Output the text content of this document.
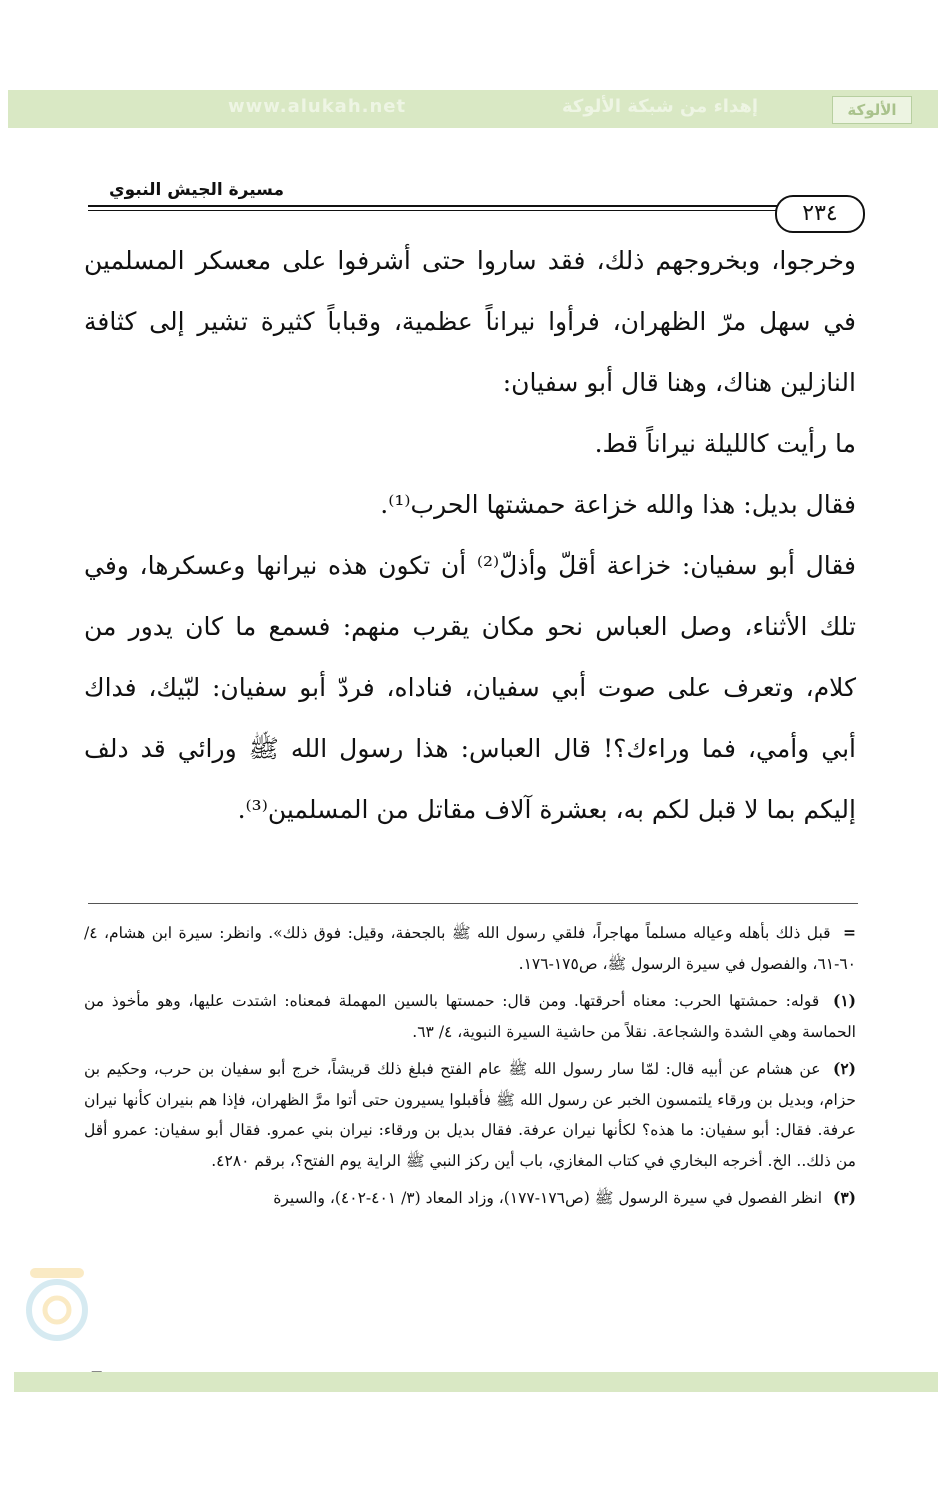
الألوكة
إهداء من شبكة الألوكة
www.alukah.net
مسيرة الجيش النبوي
٢٣٤

وخرجوا، وبخروجهم ذلك، فقد ساروا حتى أشرفوا على معسكر المسلمين في سهل مرّ الظهران، فرأوا نيراناً عظمية، وقباباً كثيرة تشير إلى كثافة النازلين هناك، وهنا قال أبو سفيان:

ما رأيت كالليلة نيراناً قط.

فقال بديل: هذا والله خزاعة حمشتها الحرب⁽¹⁾.

فقال أبو سفيان: خزاعة أقلّ وأذلّ⁽²⁾ أن تكون هذه نيرانها وعسكرها، وفي تلك الأثناء، وصل العباس نحو مكان يقرب منهم: فسمع ما كان يدور من كلام، وتعرف على صوت أبي سفيان، فناداه، فردّ أبو سفيان: لبّيك، فداك أبي وأمي، فما وراءك؟! قال العباس: هذا رسول الله ﷺ ورائي قد دلف إليكم بما لا قبل لكم به، بعشرة آلاف مقاتل من المسلمين⁽³⁾.

= قبل ذلك بأهله وعياله مسلماً مهاجراً، فلقي رسول الله ﷺ بالجحفة، وقيل: فوق ذلك». وانظر: سيرة ابن هشام، ٤/ ٦٠-٦١، والفصول في سيرة الرسول ﷺ، ص١٧٥-١٧٦.

(١) قوله: حمشتها الحرب: معناه أحرقتها. ومن قال: حمستها بالسين المهملة فمعناه: اشتدت عليها، وهو مأخوذ من الحماسة وهي الشدة والشجاعة. نقلاً من حاشية السيرة النبوية، ٤/ ٦٣.

(٢) عن هشام عن أبيه قال: لمّا سار رسول الله ﷺ عام الفتح فبلغ ذلك قريشاً، خرج أبو سفيان بن حرب، وحكيم بن حزام، وبديل بن ورقاء يلتمسون الخبر عن رسول الله ﷺ فأقبلوا يسيرون حتى أتوا مرَّ الظهران، فإذا هم بنيران كأنها نيران عرفة. فقال: أبو سفيان: ما هذه؟ لكأنها نيران عرفة. فقال بديل بن ورقاء: نيران بني عمرو. فقال أبو سفيان: عمرو أقل من ذلك.. الخ. أخرجه البخاري في كتاب المغازي، باب أين ركز النبي ﷺ الراية يوم الفتح؟، برقم ٤٢٨٠.

(٣) انظر الفصول في سيرة الرسول ﷺ (ص١٧٦-١٧٧)، وزاد المعاد (٣/ ٤٠١-٤٠٢)، والسيرة
